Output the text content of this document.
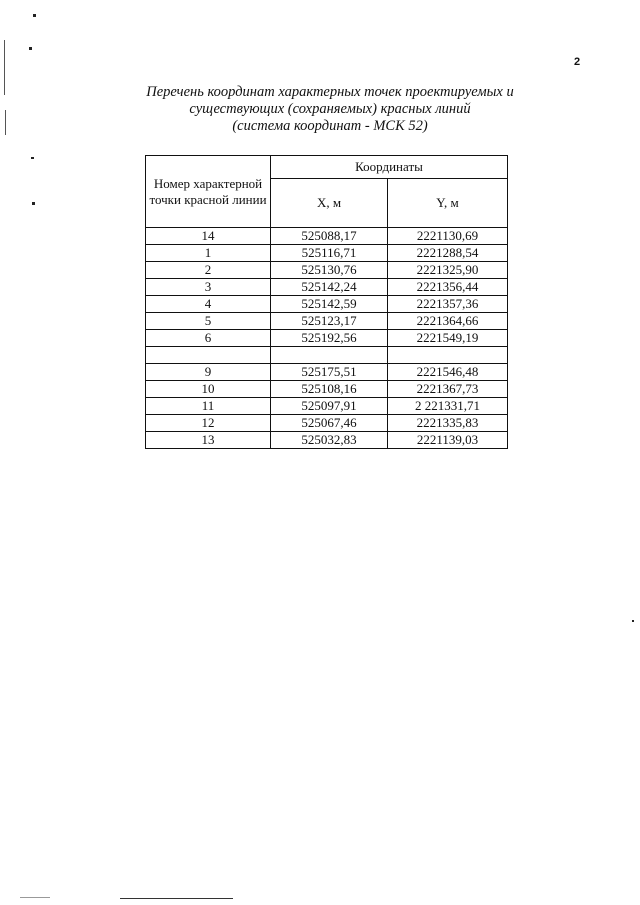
2
Перечень координат характерных точек проектируемых и
существующих (сохраняемых) красных линий
(система координат - МСК 52)
Номер характерной точки красной линии	Координаты	
	X, м	Y, м
14	525088,17	2221130,69
1	525116,71	2221288,54
2	525130,76	2221325,90
3	525142,24	2221356,44
4	525142,59	2221357,36
5	525123,17	2221364,66
6	525192,56	2221549,19

9	525175,51	2221546,48
10	525108,16	2221367,73
11	525097,91	2 221331,71
12	525067,46	2221335,83
13	525032,83	2221139,03
